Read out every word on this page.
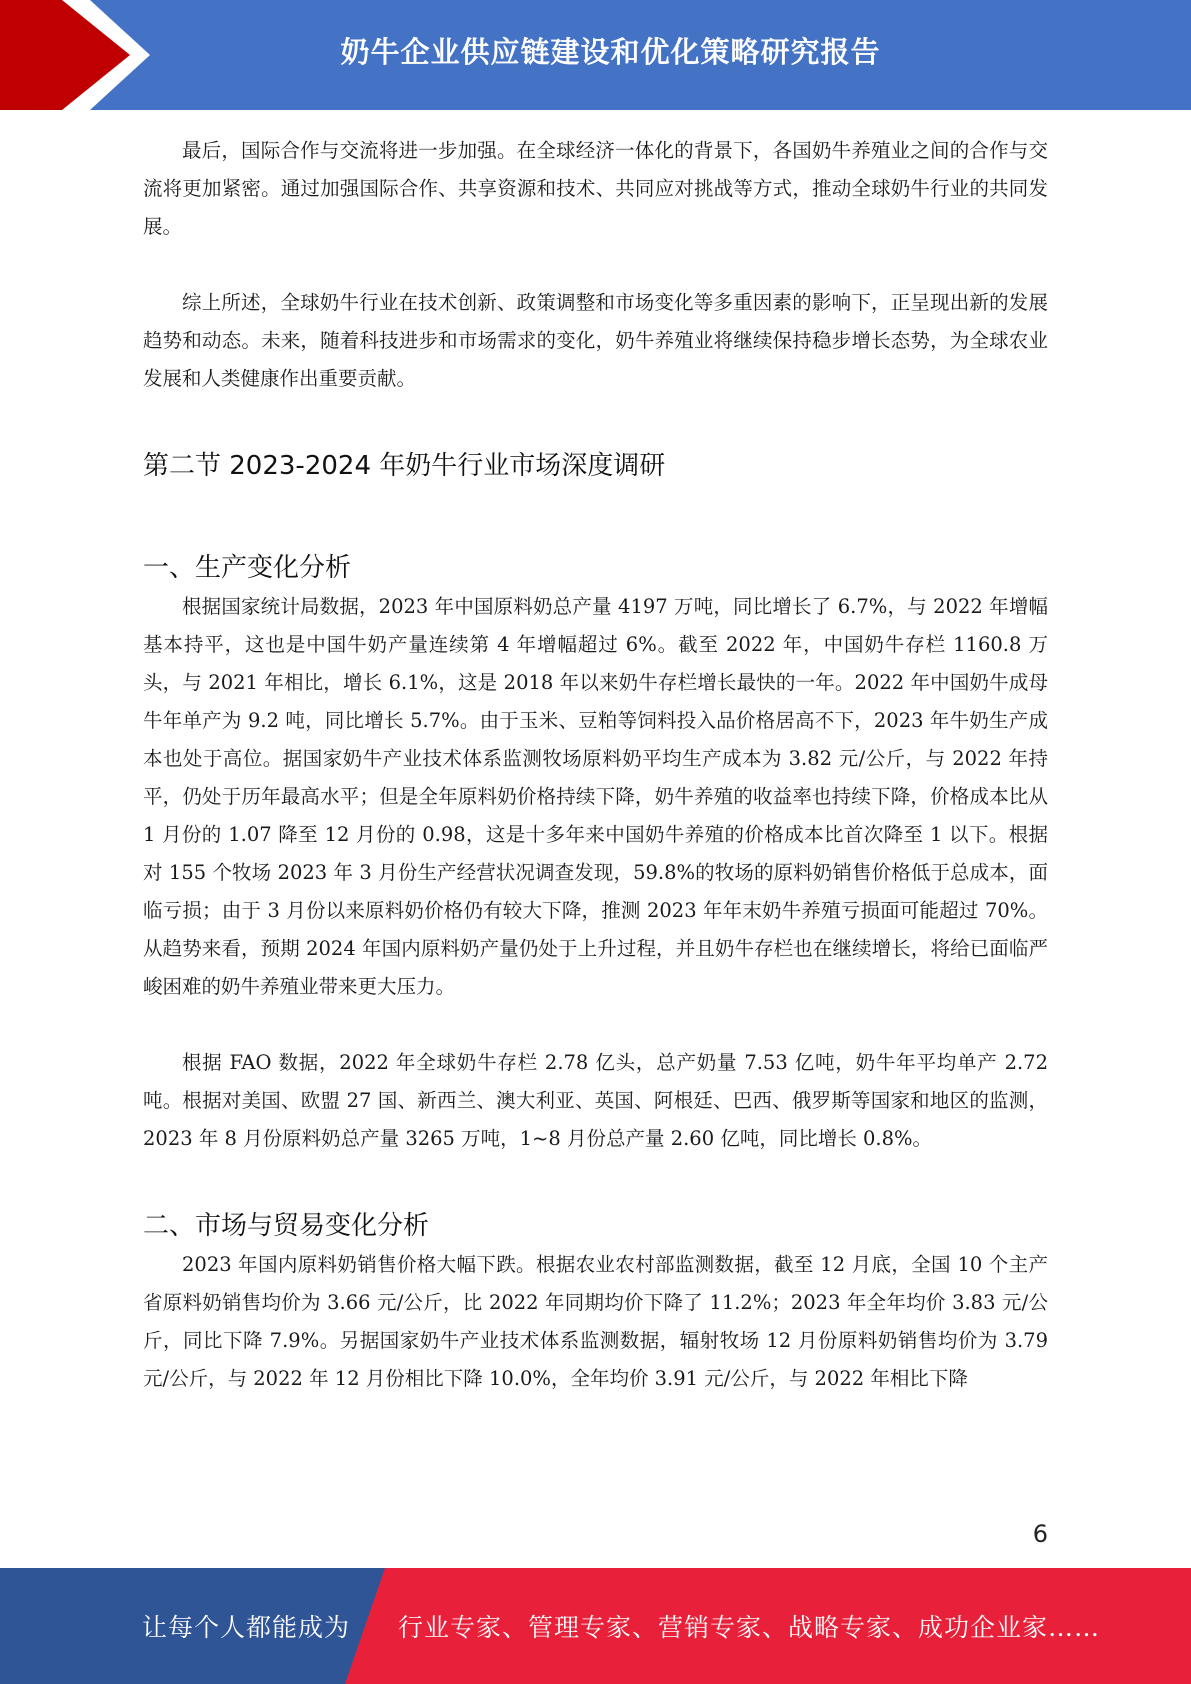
奶牛企业供应链建设和优化策略研究报告

最后，国际合作与交流将进一步加强。在全球经济一体化的背景下，各国奶牛养殖业之间的合作与交流将更加紧密。通过加强国际合作、共享资源和技术、共同应对挑战等方式，推动全球奶牛行业的共同发展。

综上所述，全球奶牛行业在技术创新、政策调整和市场变化等多重因素的影响下，正呈现出新的发展趋势和动态。未来，随着科技进步和市场需求的变化，奶牛养殖业将继续保持稳步增长态势，为全球农业发展和人类健康作出重要贡献。

第二节 2023-2024 年奶牛行业市场深度调研
一、生产变化分析

根据国家统计局数据，2023 年中国原料奶总产量 4197 万吨，同比增长了 6.7%，与 2022 年增幅基本持平，这也是中国牛奶产量连续第 4 年增幅超过 6%。截至 2022 年，中国奶牛存栏 1160.8 万头，与 2021 年相比，增长 6.1%，这是 2018 年以来奶牛存栏增长最快的一年。2022 年中国奶牛成母牛年单产为 9.2 吨，同比增长 5.7%。由于玉米、豆粕等饲料投入品价格居高不下，2023 年牛奶生产成本也处于高位。据国家奶牛产业技术体系监测牧场原料奶平均生产成本为 3.82 元/公斤，与 2022 年持平，仍处于历年最高水平；但是全年原料奶价格持续下降，奶牛养殖的收益率也持续下降，价格成本比从 1 月份的 1.07 降至 12 月份的 0.98，这是十多年来中国奶牛养殖的价格成本比首次降至 1 以下。根据对 155 个牧场 2023 年 3 月份生产经营状况调查发现，59.8%的牧场的原料奶销售价格低于总成本，面临亏损；由于 3 月份以来原料奶价格仍有较大下降，推测 2023 年年末奶牛养殖亏损面可能超过 70%。从趋势来看，预期 2024 年国内原料奶产量仍处于上升过程，并且奶牛存栏也在继续增长，将给已面临严峻困难的奶牛养殖业带来更大压力。

根据 FAO 数据，2022 年全球奶牛存栏 2.78 亿头，总产奶量 7.53 亿吨，奶牛年平均单产 2.72 吨。根据对美国、欧盟 27 国、新西兰、澳大利亚、英国、阿根廷、巴西、俄罗斯等国家和地区的监测，2023 年 8 月份原料奶总产量 3265 万吨，1~8 月份总产量 2.60 亿吨，同比增长 0.8%。

二、市场与贸易变化分析

2023 年国内原料奶销售价格大幅下跌。根据农业农村部监测数据，截至 12 月底，全国 10 个主产省原料奶销售均价为 3.66 元/公斤，比 2022 年同期均价下降了 11.2%；2023 年全年均价 3.83 元/公斤，同比下降 7.9%。另据国家奶牛产业技术体系监测数据，辐射牧场 12 月份原料奶销售均价为 3.79 元/公斤，与 2022 年 12 月份相比下降 10.0%，全年均价 3.91 元/公斤，与 2022 年相比下降

6
让每个人都能成为 行业专家、管理专家、营销专家、战略专家、成功企业家……
